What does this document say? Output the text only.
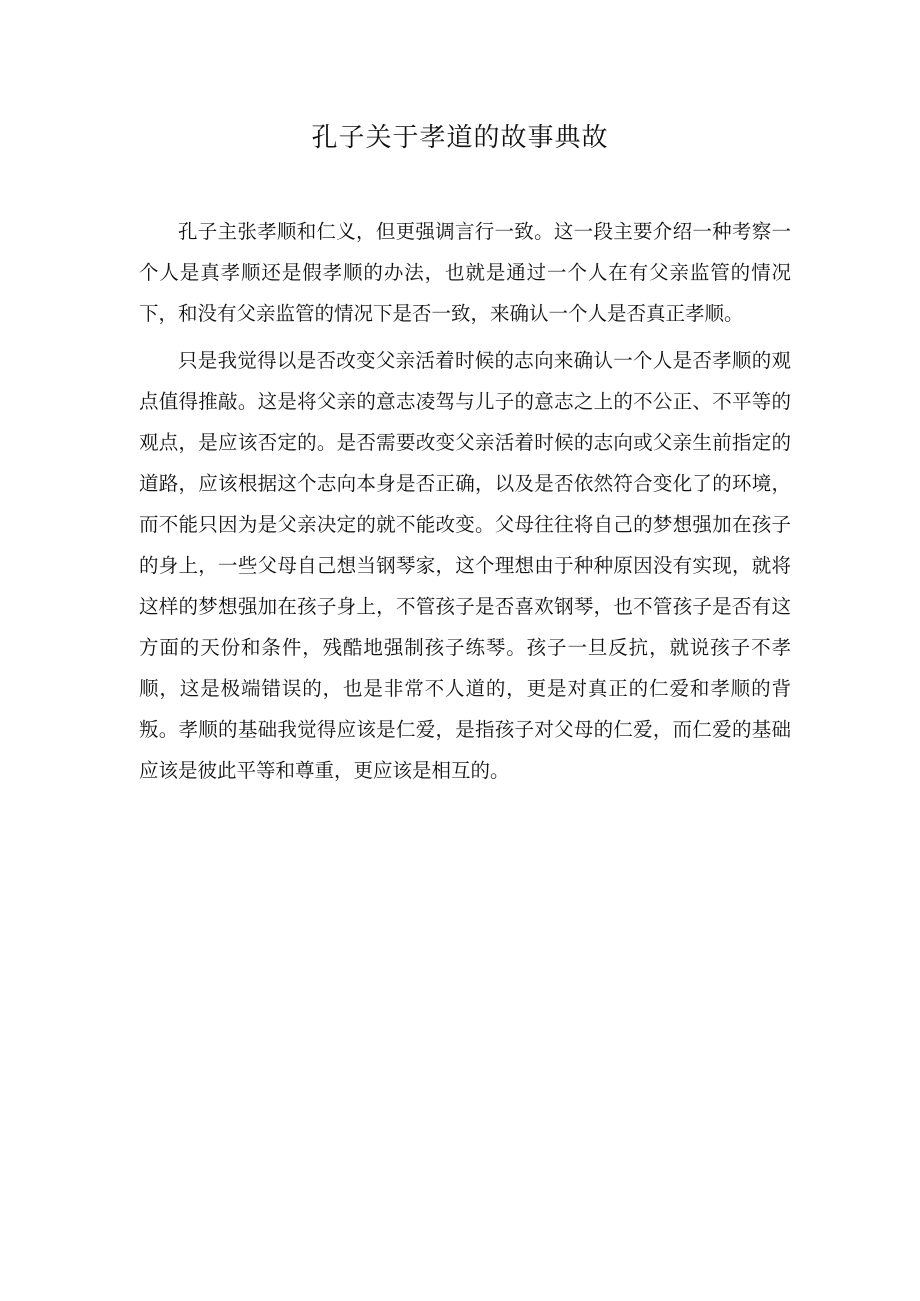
孔子关于孝道的故事典故

孔子主张孝顺和仁义，但更强调言行一致。这一段主要介绍一种考察一个人是真孝顺还是假孝顺的办法，也就是通过一个人在有父亲监管的情况下，和没有父亲监管的情况下是否一致，来确认一个人是否真正孝顺。

只是我觉得以是否改变父亲活着时候的志向来确认一个人是否孝顺的观点值得推敲。这是将父亲的意志凌驾与儿子的意志之上的不公正、不平等的观点，是应该否定的。是否需要改变父亲活着时候的志向或父亲生前指定的道路，应该根据这个志向本身是否正确，以及是否依然符合变化了的环境，而不能只因为是父亲决定的就不能改变。父母往往将自己的梦想强加在孩子的身上，一些父母自己想当钢琴家，这个理想由于种种原因没有实现，就将这样的梦想强加在孩子身上，不管孩子是否喜欢钢琴，也不管孩子是否有这方面的天份和条件，残酷地强制孩子练琴。孩子一旦反抗，就说孩子不孝顺，这是极端错误的，也是非常不人道的，更是对真正的仁爱和孝顺的背叛。孝顺的基础我觉得应该是仁爱，是指孩子对父母的仁爱，而仁爱的基础应该是彼此平等和尊重，更应该是相互的。
